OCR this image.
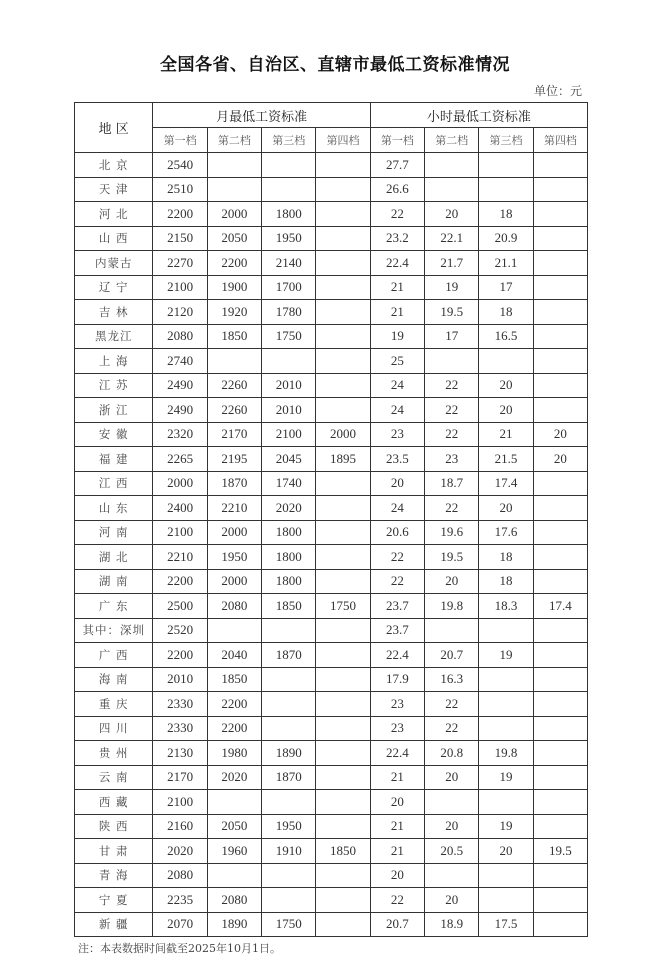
全国各省、自治区、直辖市最低工资标准情况
单位：元
地 区	月最低工资标准				小时最低工资标准			
	第一档	第二档	第三档	第四档	第一档	第二档	第三档	第四档
北 京	2540				27.7			
天 津	2510				26.6			
河 北	2200	2000	1800		22	20	18	
山 西	2150	2050	1950		23.2	22.1	20.9	
内蒙古	2270	2200	2140		22.4	21.7	21.1	
辽 宁	2100	1900	1700		21	19	17	
吉 林	2120	1920	1780		21	19.5	18	
黑龙江	2080	1850	1750		19	17	16.5	
上 海	2740				25			
江 苏	2490	2260	2010		24	22	20	
浙 江	2490	2260	2010		24	22	20	
安 徽	2320	2170	2100	2000	23	22	21	20
福 建	2265	2195	2045	1895	23.5	23	21.5	20
江 西	2000	1870	1740		20	18.7	17.4	
山 东	2400	2210	2020		24	22	20	
河 南	2100	2000	1800		20.6	19.6	17.6	
湖 北	2210	1950	1800		22	19.5	18	
湖 南	2200	2000	1800		22	20	18	
广 东	2500	2080	1850	1750	23.7	19.8	18.3	17.4
其中：深圳	2520				23.7			
广 西	2200	2040	1870		22.4	20.7	19	
海 南	2010	1850			17.9	16.3		
重 庆	2330	2200			23	22		
四 川	2330	2200			23	22		
贵 州	2130	1980	1890		22.4	20.8	19.8	
云 南	2170	2020	1870		21	20	19	
西 藏	2100				20			
陕 西	2160	2050	1950		21	20	19	
甘 肃	2020	1960	1910	1850	21	20.5	20	19.5
青 海	2080				20			
宁 夏	2235	2080			22	20		
新 疆	2070	1890	1750		20.7	18.9	17.5	
注：本表数据时间截至2025年10月1日。
